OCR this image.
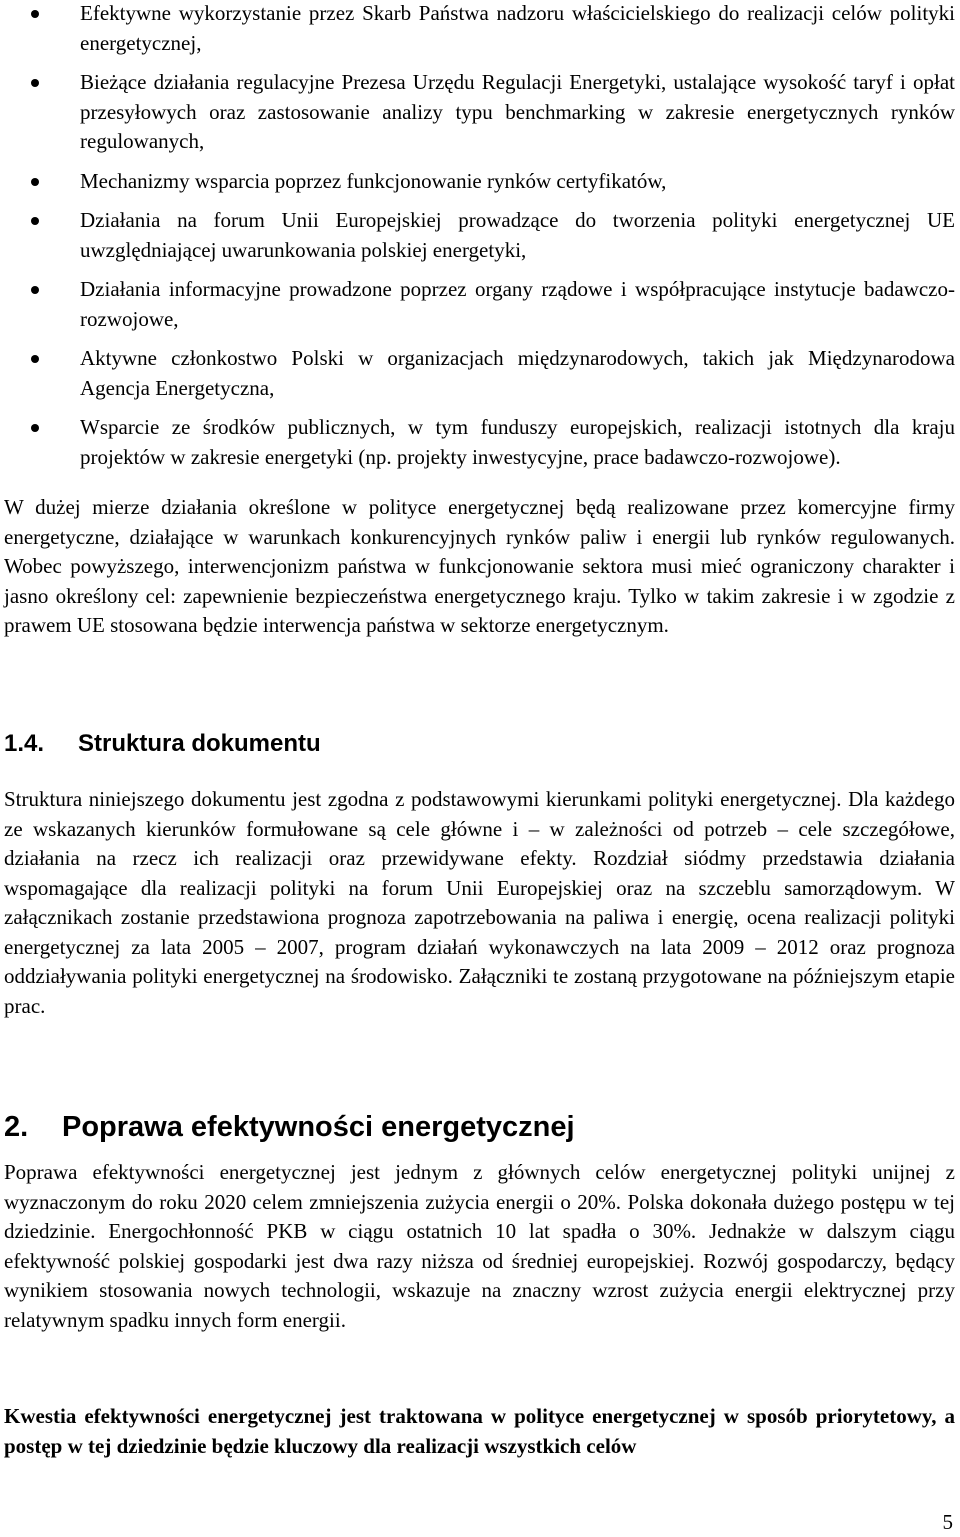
Efektywne wykorzystanie przez Skarb Państwa nadzoru właścicielskiego do realizacji celów polityki energetycznej,
Bieżące działania regulacyjne Prezesa Urzędu Regulacji Energetyki, ustalające wysokość taryf i opłat przesyłowych oraz zastosowanie analizy typu benchmarking w zakresie energetycznych rynków regulowanych,
Mechanizmy wsparcia poprzez funkcjonowanie rynków certyfikatów,
Działania na forum Unii Europejskiej prowadzące do tworzenia polityki energetycznej UE uwzględniającej uwarunkowania polskiej energetyki,
Działania informacyjne prowadzone poprzez organy rządowe i współpracujące instytucje badawczo-rozwojowe,
Aktywne członkostwo Polski w organizacjach międzynarodowych, takich jak Międzynarodowa Agencja Energetyczna,
Wsparcie ze środków publicznych, w tym funduszy europejskich, realizacji istotnych dla kraju projektów w zakresie energetyki (np. projekty inwestycyjne, prace badawczo-rozwojowe).

W dużej mierze działania określone w polityce energetycznej będą realizowane przez komercyjne firmy energetyczne, działające w warunkach konkurencyjnych rynków paliw i energii lub rynków regulowanych. Wobec powyższego, interwencjonizm państwa w funkcjonowanie sektora musi mieć ograniczony charakter i jasno określony cel: zapewnienie bezpieczeństwa energetycznego kraju. Tylko w takim zakresie i w zgodzie z prawem UE stosowana będzie interwencja państwa w sektorze energetycznym.

1.4. Struktura dokumentu

Struktura niniejszego dokumentu jest zgodna z podstawowymi kierunkami polityki energetycznej. Dla każdego ze wskazanych kierunków formułowane są cele główne i – w zależności od potrzeb – cele szczegółowe, działania na rzecz ich realizacji oraz przewidywane efekty. Rozdział siódmy przedstawia działania wspomagające dla realizacji polityki na forum Unii Europejskiej oraz na szczeblu samorządowym. W załącznikach zostanie przedstawiona prognoza zapotrzebowania na paliwa i energię, ocena realizacji polityki energetycznej za lata 2005 – 2007, program działań wykonawczych na lata 2009 – 2012 oraz prognoza oddziaływania polityki energetycznej na środowisko. Załączniki te zostaną przygotowane na późniejszym etapie prac.

2. Poprawa efektywności energetycznej

Poprawa efektywności energetycznej jest jednym z głównych celów energetycznej polityki unijnej z wyznaczonym do roku 2020 celem zmniejszenia zużycia energii o 20%. Polska dokonała dużego postępu w tej dziedzinie. Energochłonność PKB w ciągu ostatnich 10 lat spadła o 30%. Jednakże w dalszym ciągu efektywność polskiej gospodarki jest dwa razy niższa od średniej europejskiej. Rozwój gospodarczy, będący wynikiem stosowania nowych technologii, wskazuje na znaczny wzrost zużycia energii elektrycznej przy relatywnym spadku innych form energii.

Kwestia efektywności energetycznej jest traktowana w polityce energetycznej w sposób priorytetowy, a postęp w tej dziedzinie będzie kluczowy dla realizacji wszystkich celów

5
